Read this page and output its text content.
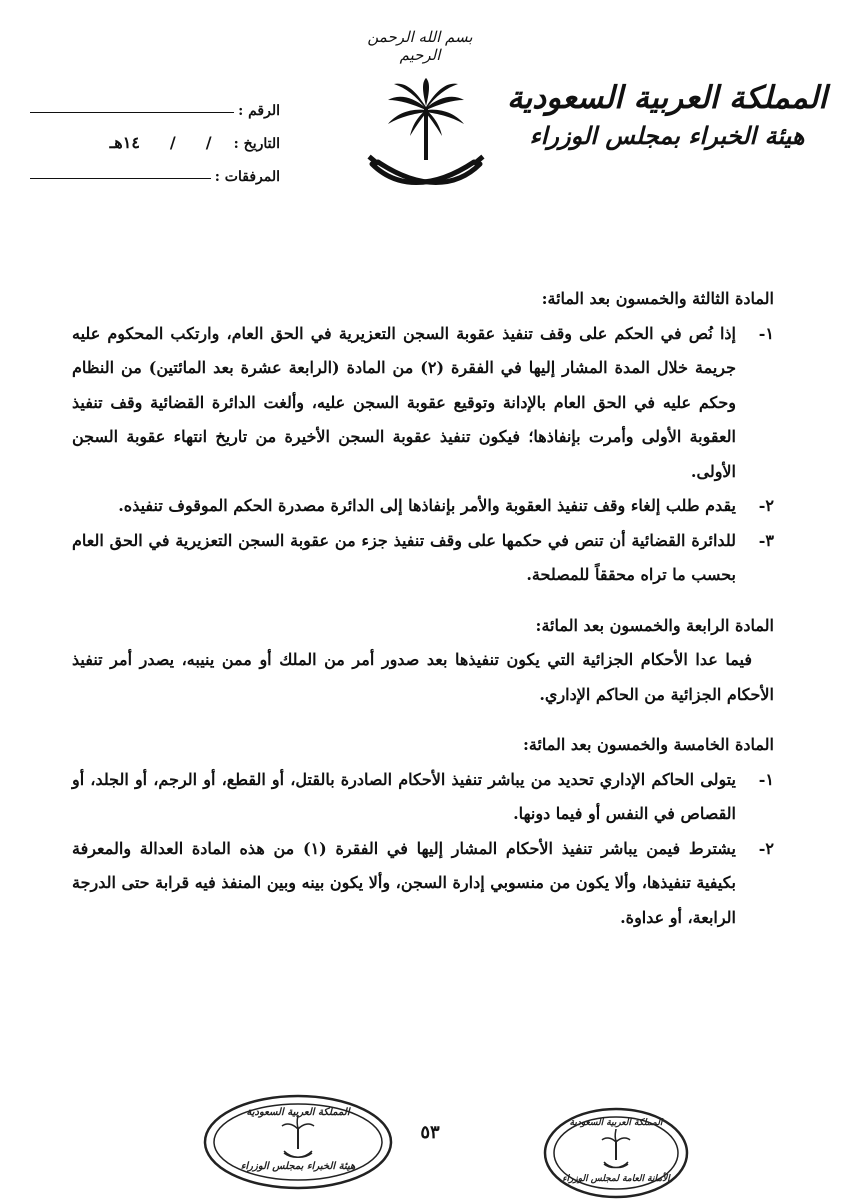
بسم الله الرحمن الرحيم
المملكة العربية السعودية
هيئة الخبراء بمجلس الوزراء
الرقم :
التاريخ :
/
/
١٤هـ
المرفقات :

المادة الثالثة والخمسون بعد المائة:

١-
إذا نُص في الحكم على وقف تنفيذ عقوبة السجن التعزيرية في الحق العام، وارتكب المحكوم عليه جريمة خلال المدة المشار إليها في الفقرة (٢) من المادة (الرابعة عشرة بعد المائتين) من النظام وحكم عليه في الحق العام بالإدانة وتوقيع عقوبة السجن عليه، وألغت الدائرة القضائية وقف تنفيذ العقوبة الأولى وأمرت بإنفاذها؛ فيكون تنفيذ عقوبة السجن الأخيرة من تاريخ انتهاء عقوبة السجن الأولى.
٢-
يقدم طلب إلغاء وقف تنفيذ العقوبة والأمر بإنفاذها إلى الدائرة مصدرة الحكم الموقوف تنفيذه.
٣-
للدائرة القضائية أن تنص في حكمها على وقف تنفيذ جزء من عقوبة السجن التعزيرية في الحق العام بحسب ما تراه محققاً للمصلحة.

المادة الرابعة والخمسون بعد المائة:

فيما عدا الأحكام الجزائية التي يكون تنفيذها بعد صدور أمر من الملك أو ممن ينيبه، يصدر أمر تنفيذ الأحكام الجزائية من الحاكم الإداري.

المادة الخامسة والخمسون بعد المائة:

١-
يتولى الحاكم الإداري تحديد من يباشر تنفيذ الأحكام الصادرة بالقتل، أو القطع، أو الرجم، أو الجلد، أو القصاص في النفس أو فيما دونها.
٢-
يشترط فيمن يباشر تنفيذ الأحكام المشار إليها في الفقرة (١) من هذه المادة العدالة والمعرفة بكيفية تنفيذها، وألا يكون من منسوبي إدارة السجن، وألا يكون بينه وبين المنفذ فيه قرابة حتى الدرجة الرابعة، أو عداوة.
٥٣
المملكة العربية السعودية
هيئة الخبراء بمجلس الوزراء
المملكة العربية السعودية
الأمانة العامة لمجلس الوزراء
